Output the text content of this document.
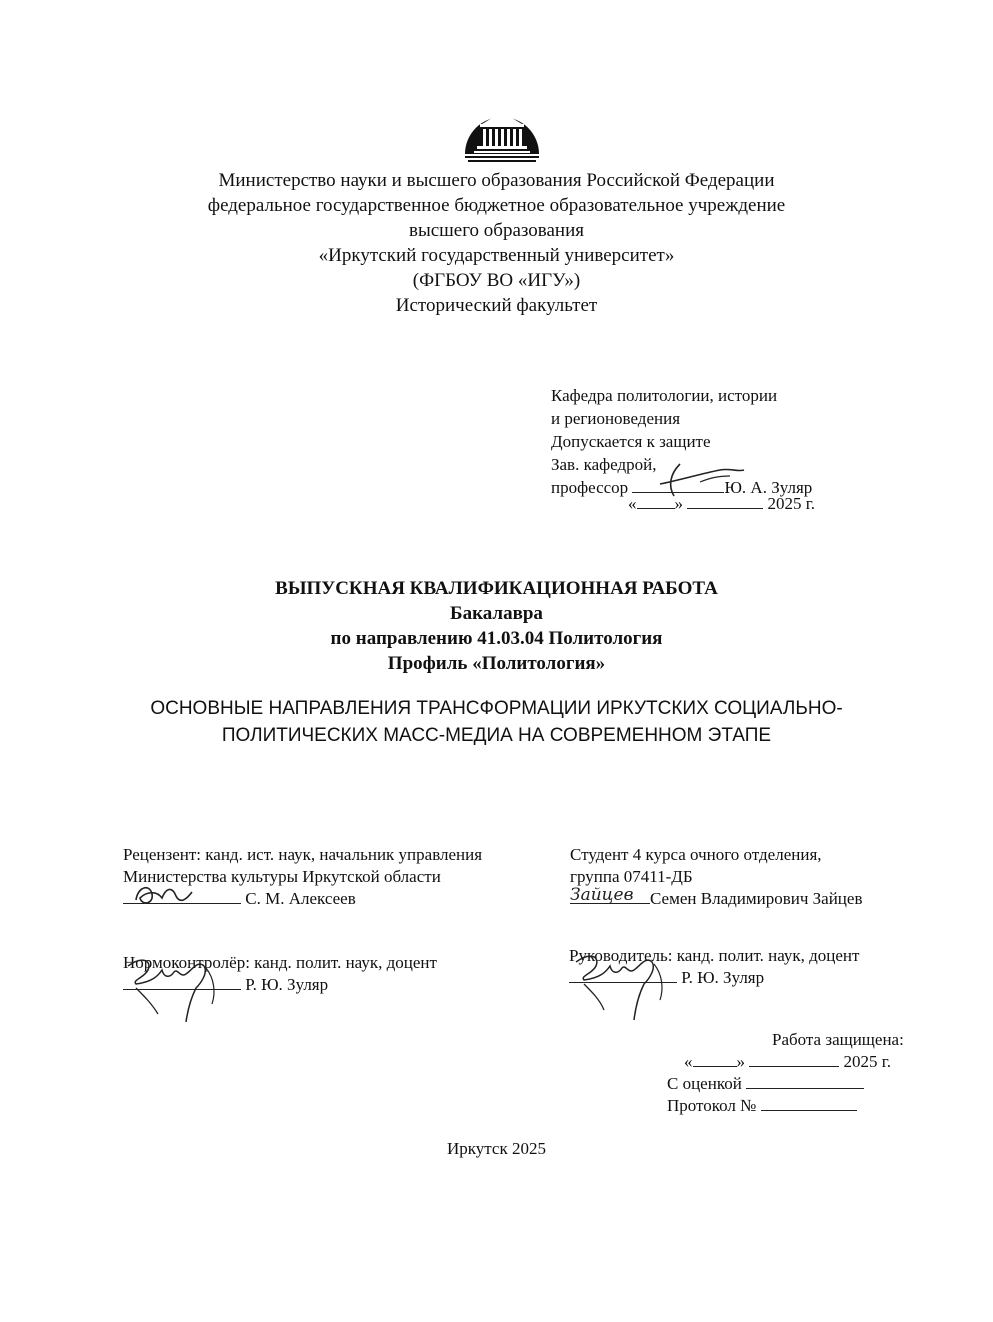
Министерство науки и высшего образования Российской Федерации
федеральное государственное бюджетное образовательное учреждение
высшего образования
«Иркутский государственный университет»
(ФГБОУ ВО «ИГУ»)
Исторический факультет
Кафедра политологии, истории
и регионоведения
Допускается к защите
Зав. кафедрой,
профессор	Ю. А. Зуляр
« »	2025 г.
ВЫПУСКНАЯ КВАЛИФИКАЦИОННАЯ РАБОТА
Бакалавра
по направлению 41.03.04 Политология
Профиль «Политология»
ОСНОВНЫЕ НАПРАВЛЕНИЯ ТРАНСФОРМАЦИИ ИРКУТСКИХ СОЦИАЛЬНО-
ПОЛИТИЧЕСКИХ МАСС-МЕДИА НА СОВРЕМЕННОМ ЭТАПЕ
Рецензент: канд. ист. наук, начальник управления
Министерства культуры Иркутской области
С. М. Алексеев
Студент 4 курса очного отделения,
группа 07411-ДБ
Семен Владимирович Зайцев
Зайцев
Нормоконтролёр: канд. полит. наук, доцент
Р. Ю. Зуляр
Руководитель: канд. полит. наук, доцент
Р. Ю. Зуляр
Работа защищена:
«	»	2025 г.
С оценкой
Протокол №
Иркутск 2025
